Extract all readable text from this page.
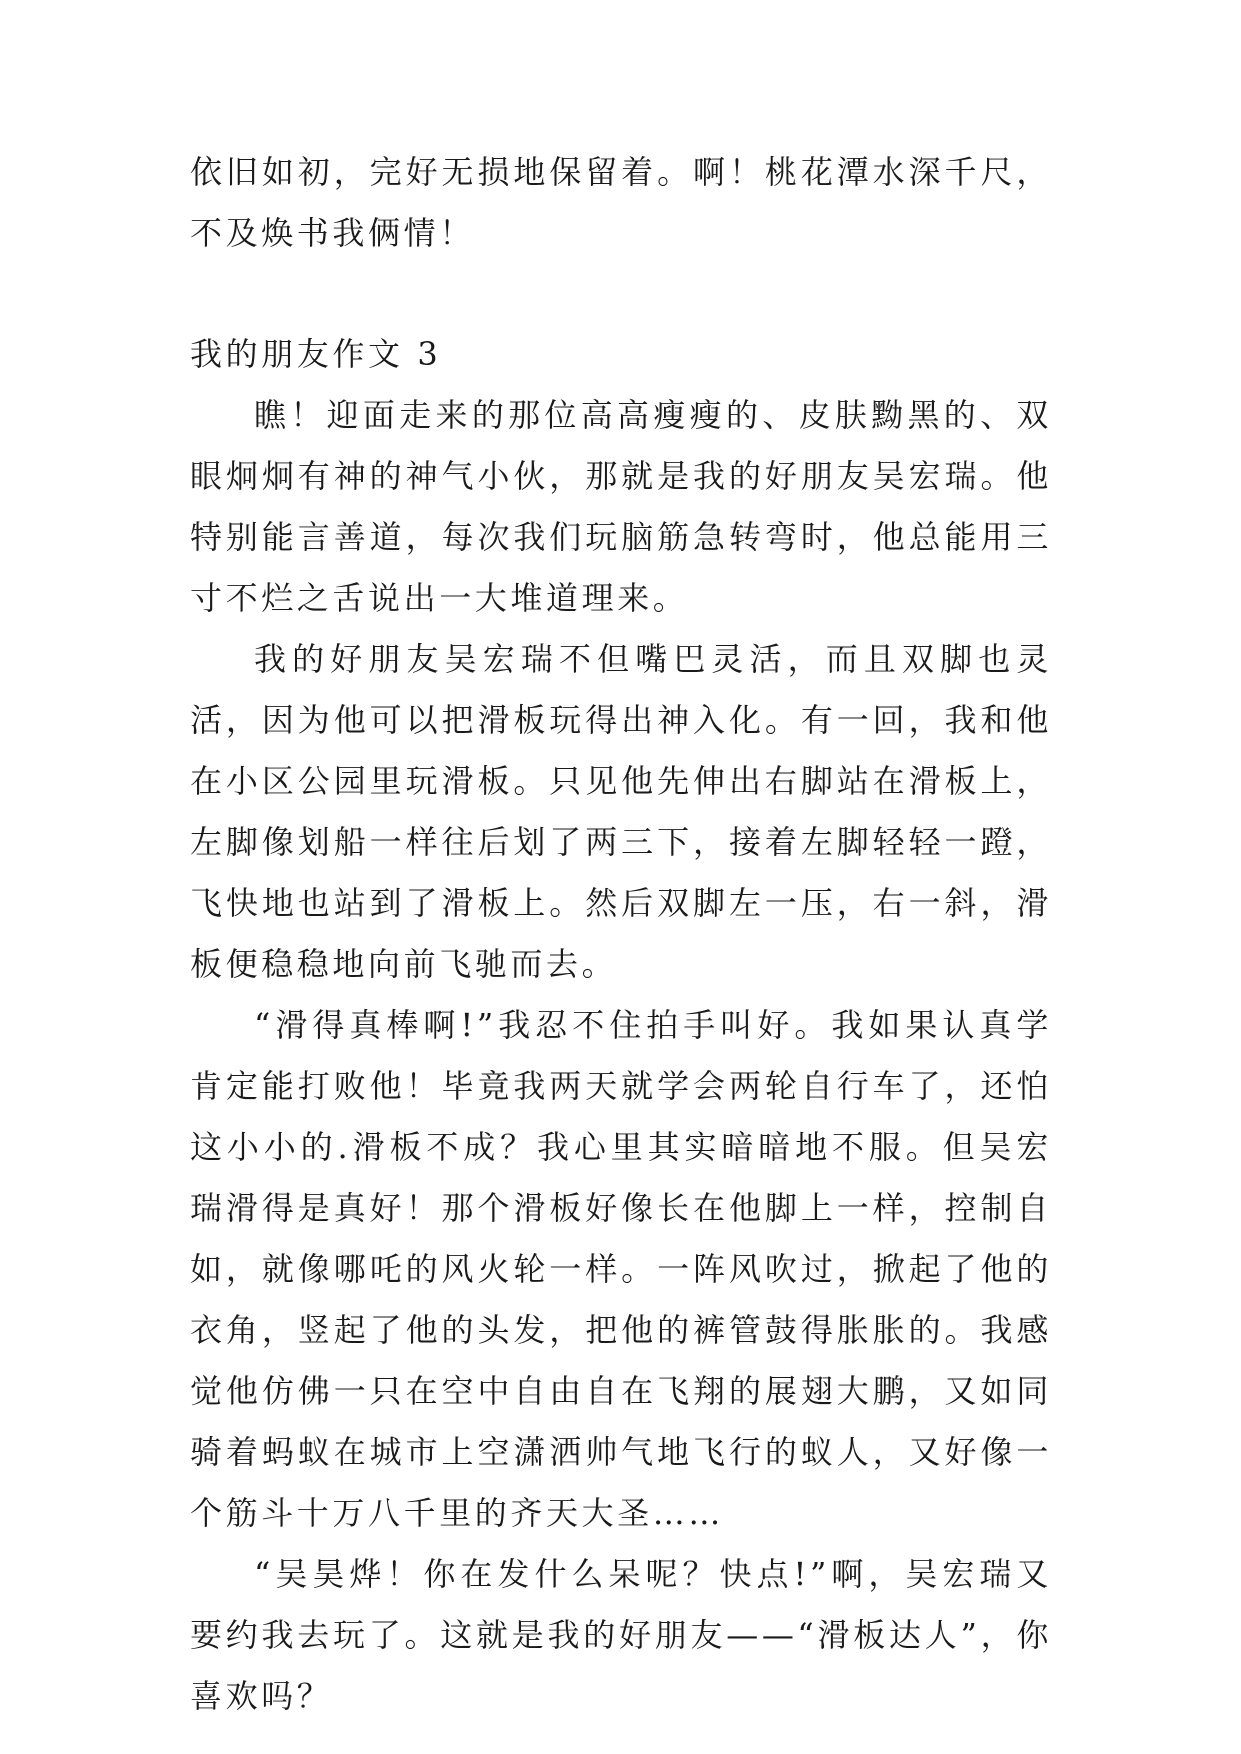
依旧如初，完好无损地保留着。啊！桃花潭水深千尺，不及焕书我俩情！

我的朋友作文 3

瞧！迎面走来的那位高高瘦瘦的、皮肤黝黑的、双眼炯炯有神的神气小伙，那就是我的好朋友吴宏瑞。他特别能言善道，每次我们玩脑筋急转弯时，他总能用三寸不烂之舌说出一大堆道理来。

我的好朋友吴宏瑞不但嘴巴灵活，而且双脚也灵活，因为他可以把滑板玩得出神入化。有一回，我和他在小区公园里玩滑板。只见他先伸出右脚站在滑板上，左脚像划船一样往后划了两三下，接着左脚轻轻一蹬，飞快地也站到了滑板上。然后双脚左一压，右一斜，滑板便稳稳地向前飞驰而去。

“滑得真棒啊!”我忍不住拍手叫好。我如果认真学肯定能打败他！毕竟我两天就学会两轮自行车了，还怕这小小的.滑板不成？我心里其实暗暗地不服。但吴宏瑞滑得是真好！那个滑板好像长在他脚上一样，控制自如，就像哪吒的风火轮一样。一阵风吹过，掀起了他的衣角，竖起了他的头发，把他的裤管鼓得胀胀的。我感觉他仿佛一只在空中自由自在飞翔的展翅大鹏，又如同骑着蚂蚁在城市上空潇洒帅气地飞行的蚁人，又好像一个筋斗十万八千里的齐天大圣……

“吴昊烨！你在发什么呆呢？快点!”啊，吴宏瑞又要约我去玩了。这就是我的好朋友——“滑板达人”，你喜欢吗？
